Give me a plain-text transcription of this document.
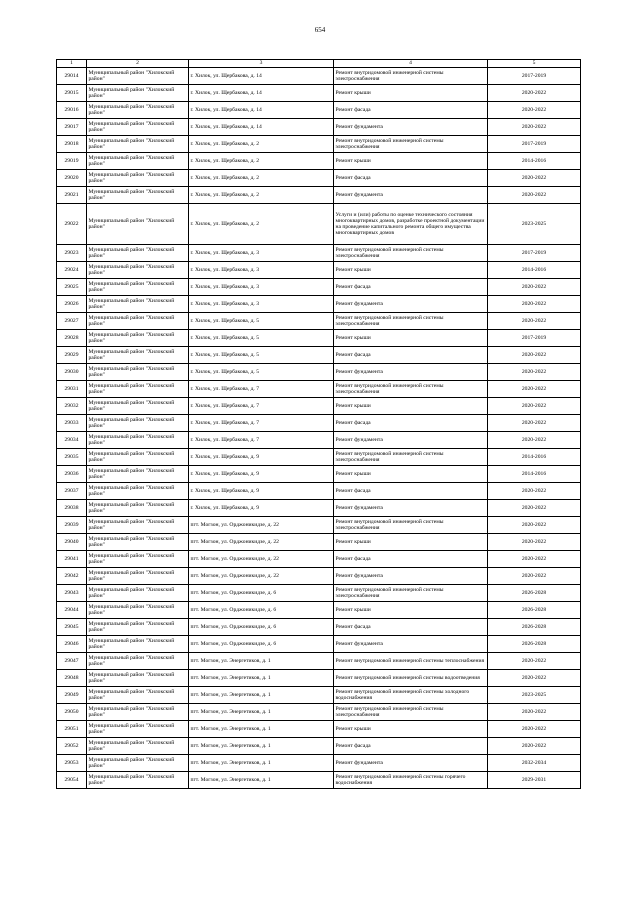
654
1	2	3	4	5
29014	Муниципальный район "Хилокский район"	г. Хилок, ул. Щербакова, д. 14	Ремонт внутридомовой инженерной системы электроснабжения	2017-2019
29015	Муниципальный район "Хилокский район"	г. Хилок, ул. Щербакова, д. 14	Ремонт крыши	2020-2022
29016	Муниципальный район "Хилокский район"	г. Хилок, ул. Щербакова, д. 14	Ремонт фасада	2020-2022
29017	Муниципальный район "Хилокский район"	г. Хилок, ул. Щербакова, д. 14	Ремонт фундамента	2020-2022
29018	Муниципальный район "Хилокский район"	г. Хилок, ул. Щербакова, д. 2	Ремонт внутридомовой инженерной системы электроснабжения	2017-2019
29019	Муниципальный район "Хилокский район"	г. Хилок, ул. Щербакова, д. 2	Ремонт крыши	2014-2016
29020	Муниципальный район "Хилокский район"	г. Хилок, ул. Щербакова, д. 2	Ремонт фасада	2020-2022
29021	Муниципальный район "Хилокский район"	г. Хилок, ул. Щербакова, д. 2	Ремонт фундамента	2020-2022
29022	Муниципальный район "Хилокский район"	г. Хилок, ул. Щербакова, д. 2	Услуги и (или) работы по оценке технического состояния многоквартирных домов, разработке проектной документации на проведение капитального ремонта общего имущества многоквартирных домов	2023-2025
29023	Муниципальный район "Хилокский район"	г. Хилок, ул. Щербакова, д. 3	Ремонт внутридомовой инженерной системы электроснабжения	2017-2019
29024	Муниципальный район "Хилокский район"	г. Хилок, ул. Щербакова, д. 3	Ремонт крыши	2014-2016
29025	Муниципальный район "Хилокский район"	г. Хилок, ул. Щербакова, д. 3	Ремонт фасада	2020-2022
29026	Муниципальный район "Хилокский район"	г. Хилок, ул. Щербакова, д. 3	Ремонт фундамента	2020-2022
29027	Муниципальный район "Хилокский район"	г. Хилок, ул. Щербакова, д. 5	Ремонт внутридомовой инженерной системы электроснабжения	2020-2022
29028	Муниципальный район "Хилокский район"	г. Хилок, ул. Щербакова, д. 5	Ремонт крыши	2017-2019
29029	Муниципальный район "Хилокский район"	г. Хилок, ул. Щербакова, д. 5	Ремонт фасада	2020-2022
29030	Муниципальный район "Хилокский район"	г. Хилок, ул. Щербакова, д. 5	Ремонт фундамента	2020-2022
29031	Муниципальный район "Хилокский район"	г. Хилок, ул. Щербакова, д. 7	Ремонт внутридомовой инженерной системы электроснабжения	2020-2022
29032	Муниципальный район "Хилокский район"	г. Хилок, ул. Щербакова, д. 7	Ремонт крыши	2020-2022
29033	Муниципальный район "Хилокский район"	г. Хилок, ул. Щербакова, д. 7	Ремонт фасада	2020-2022
29034	Муниципальный район "Хилокский район"	г. Хилок, ул. Щербакова, д. 7	Ремонт фундамента	2020-2022
29035	Муниципальный район "Хилокский район"	г. Хилок, ул. Щербакова, д. 9	Ремонт внутридомовой инженерной системы электроснабжения	2014-2016
29036	Муниципальный район "Хилокский район"	г. Хилок, ул. Щербакова, д. 9	Ремонт крыши	2014-2016
29037	Муниципальный район "Хилокский район"	г. Хилок, ул. Щербакова, д. 9	Ремонт фасада	2020-2022
29038	Муниципальный район "Хилокский район"	г. Хилок, ул. Щербакова, д. 9	Ремонт фундамента	2020-2022
29039	Муниципальный район "Хилокский район"	пгт. Могзон, ул. Орджоникидзе, д. 22	Ремонт внутридомовой инженерной системы электроснабжения	2020-2022
29040	Муниципальный район "Хилокский район"	пгт. Могзон, ул. Орджоникидзе, д. 22	Ремонт крыши	2020-2022
29041	Муниципальный район "Хилокский район"	пгт. Могзон, ул. Орджоникидзе, д. 22	Ремонт фасада	2020-2022
29042	Муниципальный район "Хилокский район"	пгт. Могзон, ул. Орджоникидзе, д. 22	Ремонт фундамента	2020-2022
29043	Муниципальный район "Хилокский район"	пгт. Могзон, ул. Орджоникидзе, д. 6	Ремонт внутридомовой инженерной системы электроснабжения	2026-2028
29044	Муниципальный район "Хилокский район"	пгт. Могзон, ул. Орджоникидзе, д. 6	Ремонт крыши	2026-2028
29045	Муниципальный район "Хилокский район"	пгт. Могзон, ул. Орджоникидзе, д. 6	Ремонт фасада	2026-2028
29046	Муниципальный район "Хилокский район"	пгт. Могзон, ул. Орджоникидзе, д. 6	Ремонт фундамента	2026-2028
29047	Муниципальный район "Хилокский район"	пгт. Могзон, ул. Энергетиков, д. 1	Ремонт внутридомовой инженерной системы теплоснабжения	2020-2022
29048	Муниципальный район "Хилокский район"	пгт. Могзон, ул. Энергетиков, д. 1	Ремонт внутридомовой инженерной системы водоотведения	2020-2022
29049	Муниципальный район "Хилокский район"	пгт. Могзон, ул. Энергетиков, д. 1	Ремонт внутридомовой инженерной системы холодного водоснабжения	2023-2025
29050	Муниципальный район "Хилокский район"	пгт. Могзон, ул. Энергетиков, д. 1	Ремонт внутридомовой инженерной системы электроснабжения	2020-2022
29051	Муниципальный район "Хилокский район"	пгт. Могзон, ул. Энергетиков, д. 1	Ремонт крыши	2020-2022
29052	Муниципальный район "Хилокский район"	пгт. Могзон, ул. Энергетиков, д. 1	Ремонт фасада	2020-2022
29053	Муниципальный район "Хилокский район"	пгт. Могзон, ул. Энергетиков, д. 1	Ремонт фундамента	2032-2034
29054	Муниципальный район "Хилокский район"	пгт. Могзон, ул. Энергетиков, д. 1	Ремонт внутридомовой инженерной системы горячего водоснабжения	2029-2031
